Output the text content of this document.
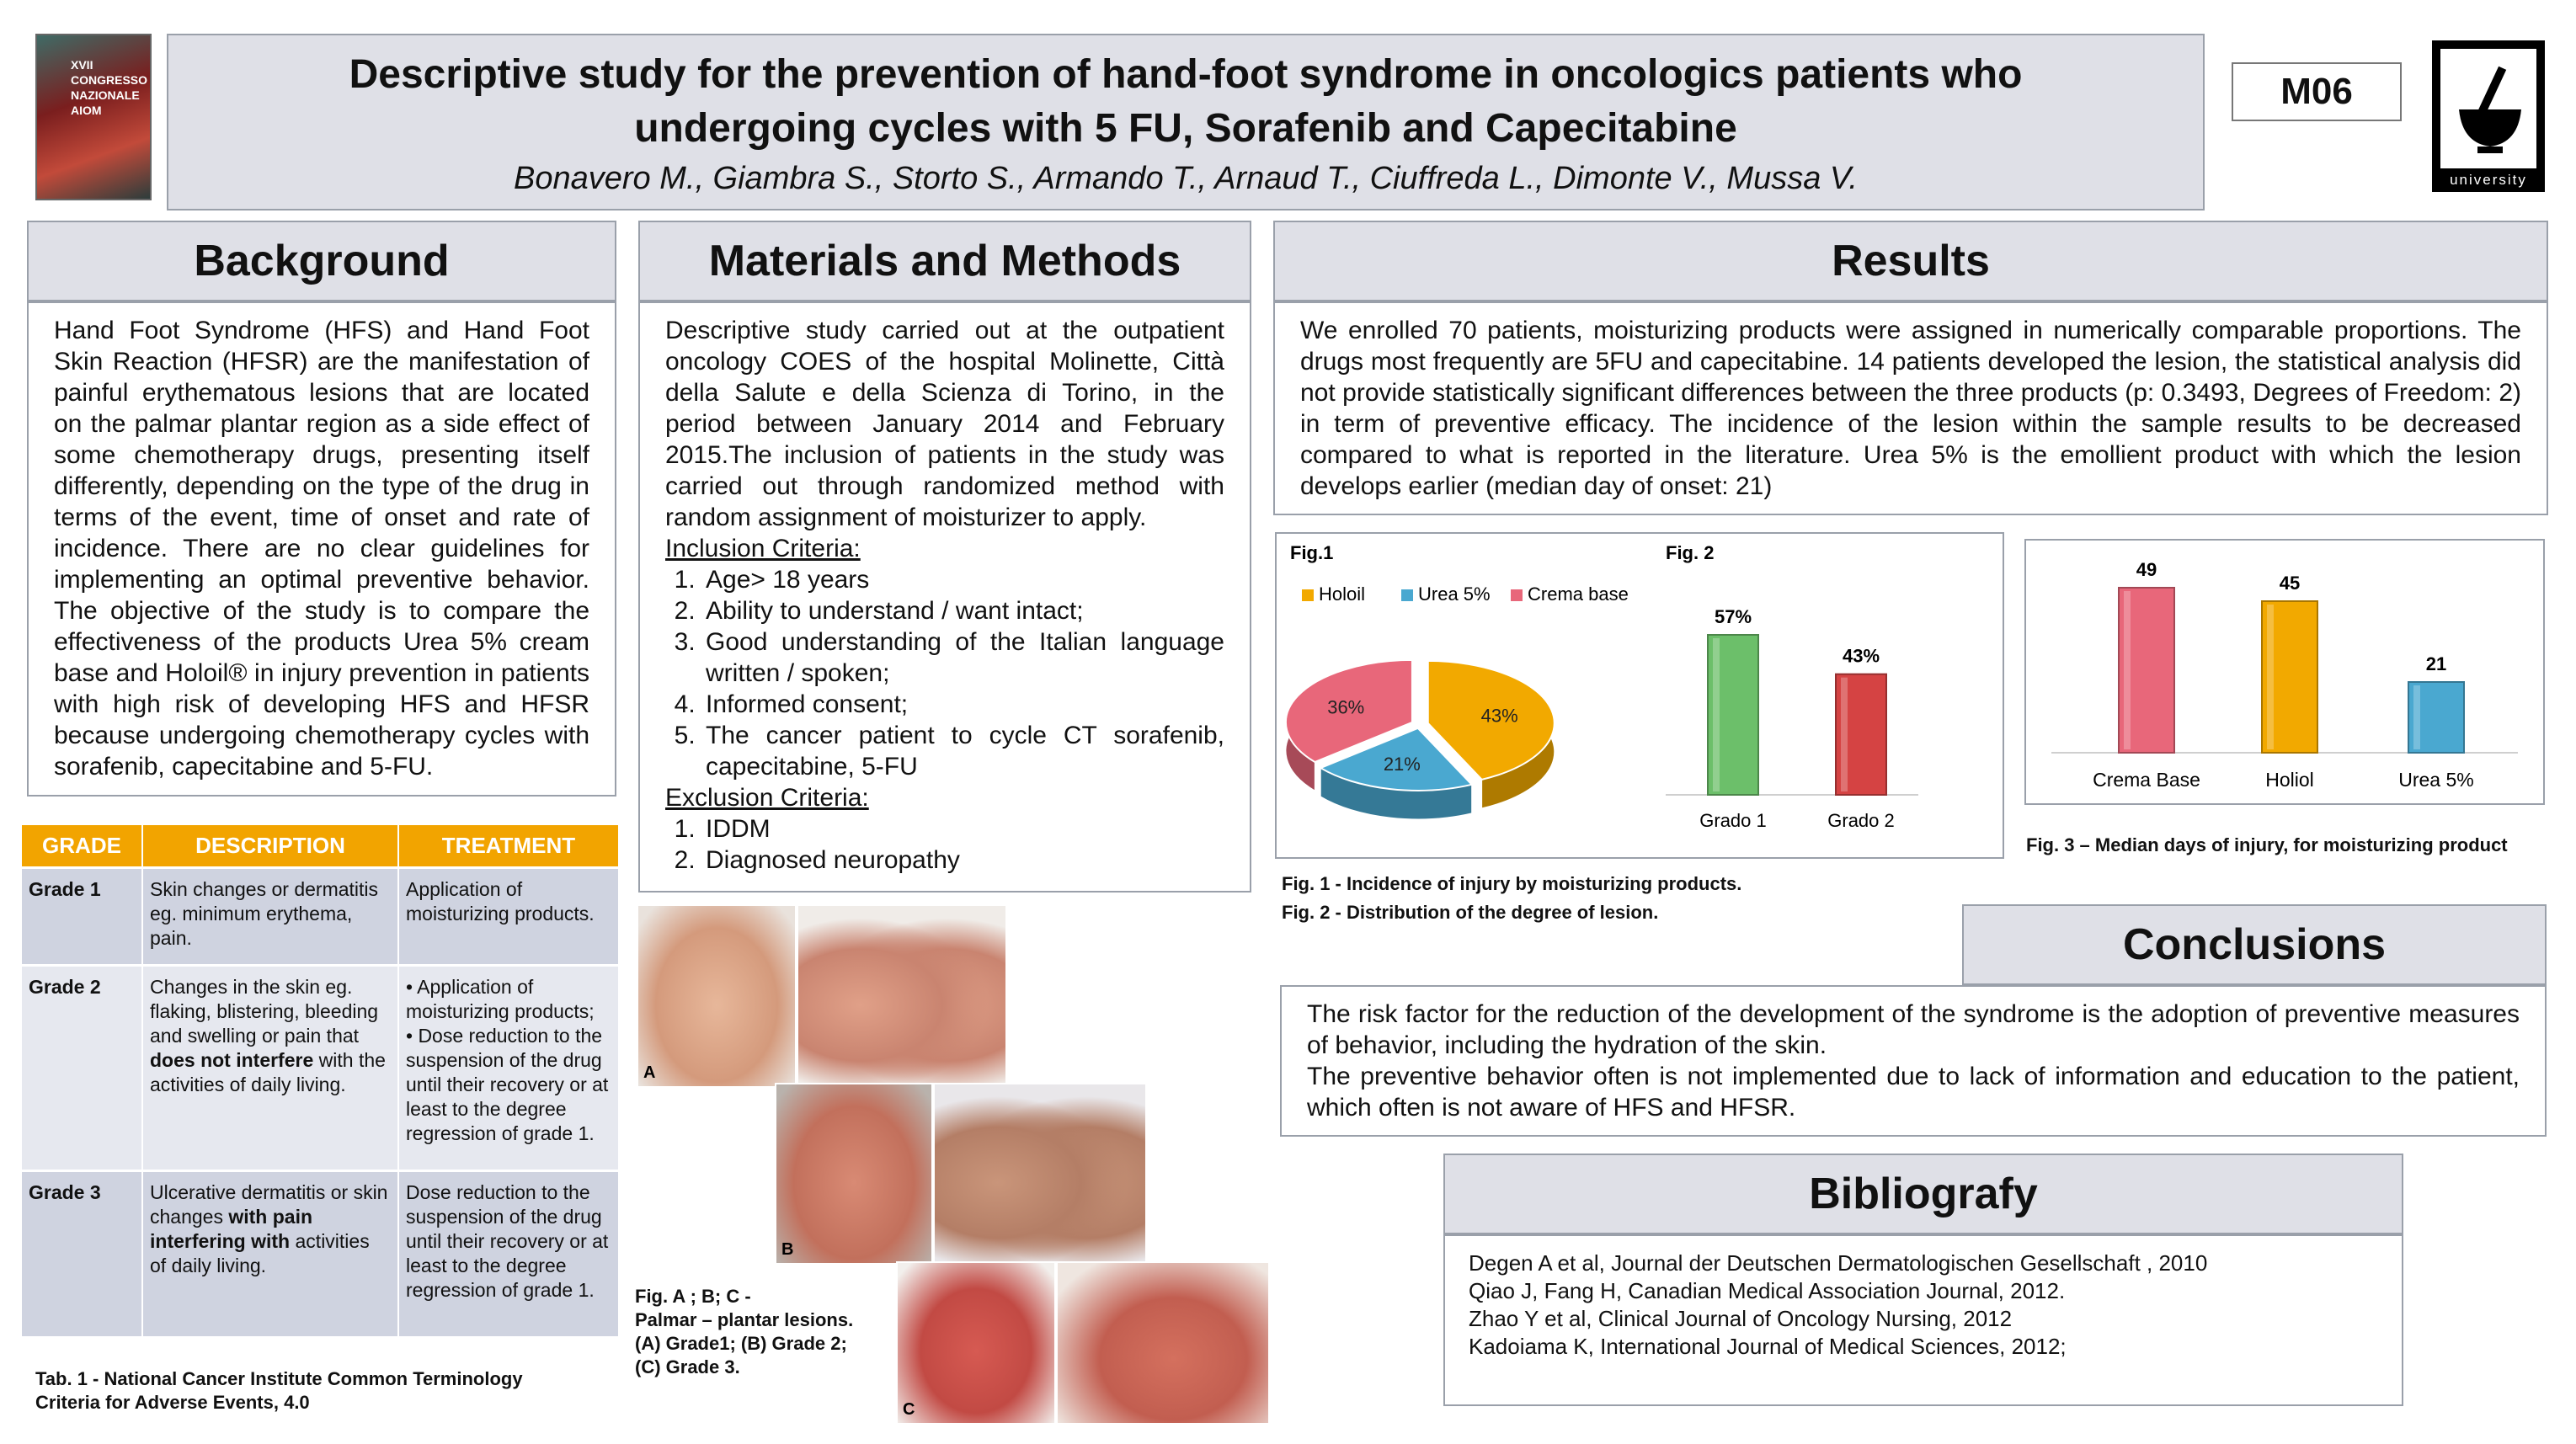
XVII CONGRESSO NAZIONALE AIOM
Descriptive study for the prevention of hand-foot syndrome in oncologics patients who
undergoing cycles with 5 FU, Sorafenib and Capecitabine
Bonavero M., Giambra S., Storto S., Armando T., Arnaud T., Ciuffreda L., Dimonte V., Mussa V.
M06
university
Background
Hand Foot Syndrome (HFS) and Hand Foot Skin Reaction (HFSR) are the manifestation of painful erythematous lesions that are located on the palmar plantar region as a side effect of some chemotherapy drugs, presenting itself differently, depending on the type of the drug in terms of the event, time of onset and rate of incidence. There are no clear guidelines for implementing an optimal preventive behavior. The objective of the study is to compare the effectiveness of the products Urea 5% cream base and Holoil® in injury prevention in patients with high risk of developing HFS and HFSR because undergoing chemotherapy cycles with sorafenib, capecitabine and 5-FU.
GRADE	DESCRIPTION	TREATMENT
Grade 1	Skin changes or dermatitis eg. minimum erythema, pain.	Application of moisturizing products.
Grade 2	Changes in the skin eg. flaking, blistering, bleeding and swelling or pain that does not interfere with the activities of daily living.	• Application of moisturizing products;
• Dose reduction to the suspension of the drug until their recovery or at least to the degree regression of grade 1.

Grade 3	Ulcerative dermatitis or skin changes with pain interfering with activities of daily living.	Dose reduction to the suspension of the drug until their recovery or at least to the degree regression of grade 1.
Tab. 1 - National Cancer Institute Common Terminology Criteria for Adverse Events, 4.0
Materials and Methods
Descriptive study carried out at the outpatient oncology COES of the hospital Molinette, Città della Salute e della Scienza di Torino, in the period between January 2014 and February 2015.The inclusion of patients in the study was carried out through randomized method with random assignment of moisturizer to apply.
Inclusion Criteria:
1. Age> 18 years
2. Ability to understand / want intact;
3. Good understanding of the Italian language written / spoken;
4. Informed consent;
5. The cancer patient to cycle CT sorafenib, capecitabine, 5-FU
Exclusion Criteria:
1. IDDM
2. Diagnosed neuropathy
A
B
C
Fig. A ; B; C -
Palmar – plantar lesions.
(A) Grade1; (B) Grade 2;
(C) Grade 3.
Results
We enrolled 70 patients, moisturizing products were assigned in numerically comparable proportions. The drugs most frequently are 5FU and capecitabine. 14 patients developed the lesion, the statistical analysis did not provide statistically significant differences between the three products (p: 0.3493, Degrees of Freedom: 2) in term of preventive efficacy. The incidence of the lesion within the sample results to be decreased compared to what is reported in the literature. Urea 5% is the emollient product with which the lesion develops earlier (median day of onset: 21)
Fig.1	Fig. 2
Holoil	Urea 5% Crema base
43%
21%
36%
57%
Grado 1
43%
Grado 2
Fig. 1 - Incidence of injury by moisturizing products.
Fig. 2 - Distribution of the degree of lesion.
49
Crema Base
45
Holiol
21
Urea 5%
Fig. 3 – Median days of injury, for moisturizing product
Conclusions
The risk factor for the reduction of the development of the syndrome is the adoption of preventive measures of behavior, including the hydration of the skin.
The preventive behavior often is not implemented due to lack of information and education to the patient, which often is not aware of HFS and HFSR.
Bibliografy
Degen A et al, Journal der Deutschen Dermatologischen Gesellschaft , 2010
Qiao J, Fang H, Canadian Medical Association Journal, 2012.
Zhao Y et al, Clinical Journal of Oncology Nursing, 2012
Kadoiama K, International Journal of Medical Sciences, 2012;
